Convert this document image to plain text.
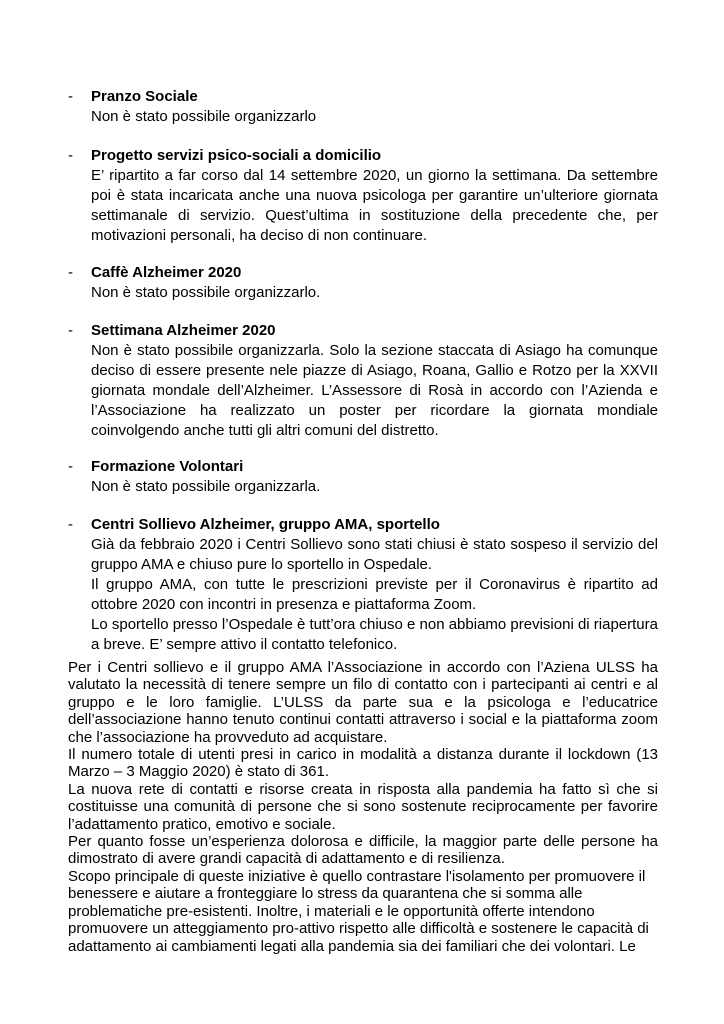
- Pranzo Sociale

Non è stato possibile organizzarlo

- Progetto servizi psico-sociali a domicilio

E’ ripartito a far corso dal 14 settembre 2020, un giorno la settimana. Da settembre poi è stata incaricata anche una nuova psicologa per garantire un’ulteriore giornata settimanale di servizio. Quest’ultima in sostituzione della precedente che, per motivazioni personali, ha deciso di non continuare.

- Caffè Alzheimer 2020

Non è stato possibile organizzarlo.

- Settimana Alzheimer 2020

Non è stato possibile organizzarla. Solo la sezione staccata di Asiago ha comunque deciso di essere presente nele piazze di Asiago, Roana, Gallio e Rotzo per la XXVII giornata mondale dell’Alzheimer. L’Assessore di Rosà in accordo con l’Azienda e l’Associazione ha realizzato un poster per ricordare la giornata mondiale coinvolgendo anche tutti gli altri comuni del distretto.

- Formazione Volontari

Non è stato possibile organizzarla.

- Centri Sollievo Alzheimer, gruppo AMA, sportello

Già da febbraio 2020 i Centri Sollievo sono stati chiusi è stato sospeso il servizio del gruppo AMA e chiuso pure lo sportello in Ospedale.

Il gruppo AMA, con tutte le prescrizioni previste per il Coronavirus è ripartito ad ottobre 2020 con incontri in presenza e piattaforma Zoom.

Lo sportello presso l’Ospedale è tutt’ora chiuso e non abbiamo previsioni di riapertura a breve. E’ sempre attivo il contatto telefonico.

Per i Centri sollievo e il gruppo AMA l’Associazione in accordo con l’Aziena ULSS ha valutato la necessità di tenere sempre un filo di contatto con i partecipanti ai centri e al gruppo e le loro famiglie. L’ULSS da parte sua e la psicologa e l’educatrice dell’associazione hanno tenuto continui contatti attraverso i social e la piattaforma zoom che l’associazione ha provveduto ad acquistare.

Il numero totale di utenti presi in carico in modalità a distanza durante il lockdown (13 Marzo – 3 Maggio 2020) è stato di 361.

La nuova rete di contatti e risorse creata in risposta alla pandemia ha fatto sì che si costituisse una comunità di persone che si sono sostenute reciprocamente per favorire l’adattamento pratico, emotivo e sociale.

Per quanto fosse un’esperienza dolorosa e difficile, la maggior parte delle persone ha dimostrato di avere grandi capacità di adattamento e di resilienza.

Scopo principale di queste iniziative è quello contrastare l'isolamento per promuovere il benessere e aiutare a fronteggiare lo stress da quarantena che si somma alle problematiche pre-esistenti. Inoltre, i materiali e le opportunità offerte intendono promuovere un atteggiamento pro-attivo rispetto alle difficoltà e sostenere le capacità di adattamento ai cambiamenti legati alla pandemia sia dei familiari che dei volontari. Le
